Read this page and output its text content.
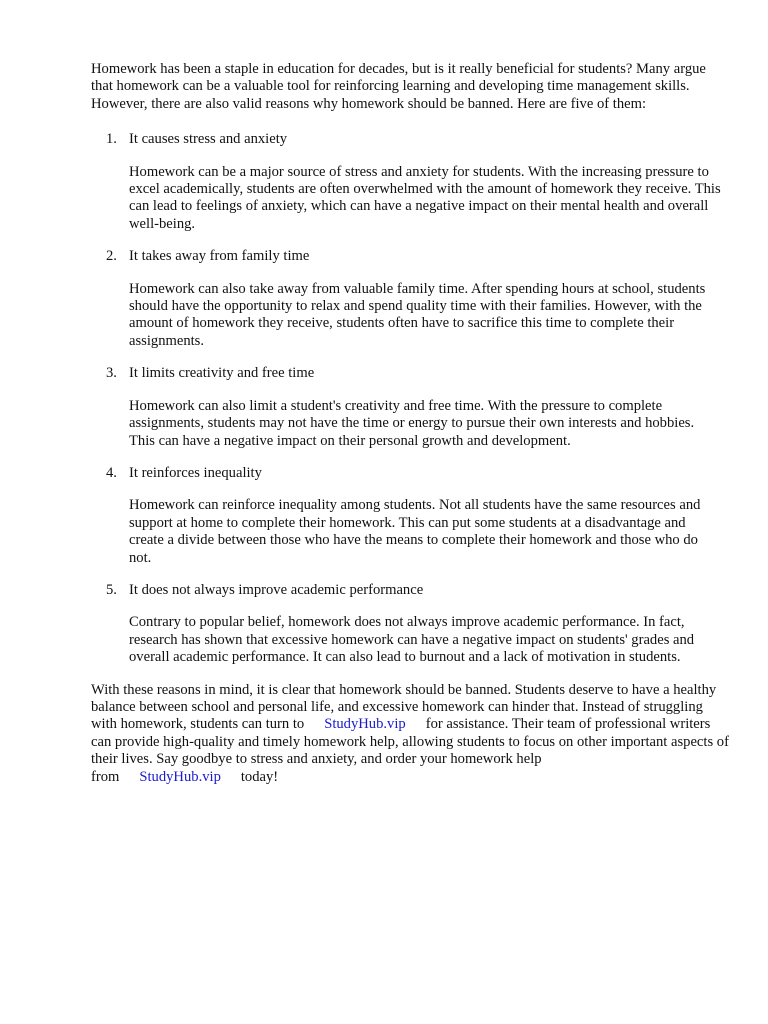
Homework has been a staple in education for decades, but is it really beneficial for students? Many argue that homework can be a valuable tool for reinforcing learning and developing time management skills. However, there are also valid reasons why homework should be banned. Here are five of them:

1. It causes stress and anxiety

Homework can be a major source of stress and anxiety for students. With the increasing pressure to excel academically, students are often overwhelmed with the amount of homework they receive. This can lead to feelings of anxiety, which can have a negative impact on their mental health and overall well-being.

2. It takes away from family time

Homework can also take away from valuable family time. After spending hours at school, students should have the opportunity to relax and spend quality time with their families. However, with the amount of homework they receive, students often have to sacrifice this time to complete their assignments.

3. It limits creativity and free time

Homework can also limit a student's creativity and free time. With the pressure to complete assignments, students may not have the time or energy to pursue their own interests and hobbies. This can have a negative impact on their personal growth and development.

4. It reinforces inequality

Homework can reinforce inequality among students. Not all students have the same resources and support at home to complete their homework. This can put some students at a disadvantage and create a divide between those who have the means to complete their homework and those who do not.

5. It does not always improve academic performance

Contrary to popular belief, homework does not always improve academic performance. In fact, research has shown that excessive homework can have a negative impact on students' grades and overall academic performance. It can also lead to burnout and a lack of motivation in students.

With these reasons in mind, it is clear that homework should be banned. Students deserve to have a healthy balance between school and personal life, and excessive homework can hinder that. Instead of struggling with homework, students can turn to StudyHub.vip for assistance. Their team of professional writers can provide high-quality and timely homework help, allowing students to focus on other important aspects of their lives. Say goodbye to stress and anxiety, and order your homework help from StudyHub.vip today!
